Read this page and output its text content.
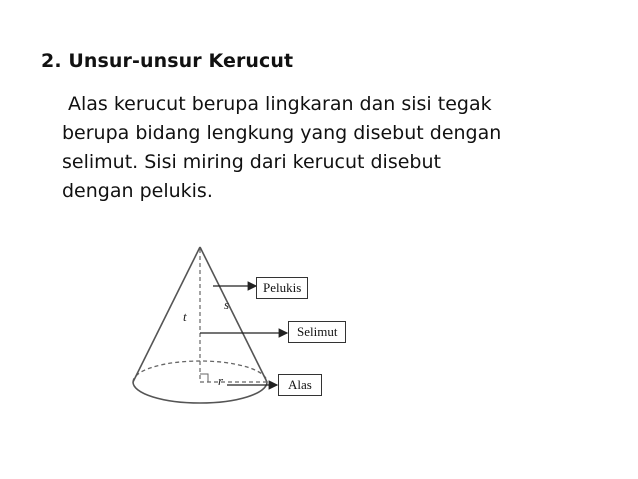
2. Unsur-unsur Kerucut
Alas kerucut berupa lingkaran dan sisi tegak
berupa bidang lengkung yang disebut dengan
selimut. Sisi miring dari kerucut disebut
dengan pelukis.
t
s
r
Pelukis
Selimut
Alas
